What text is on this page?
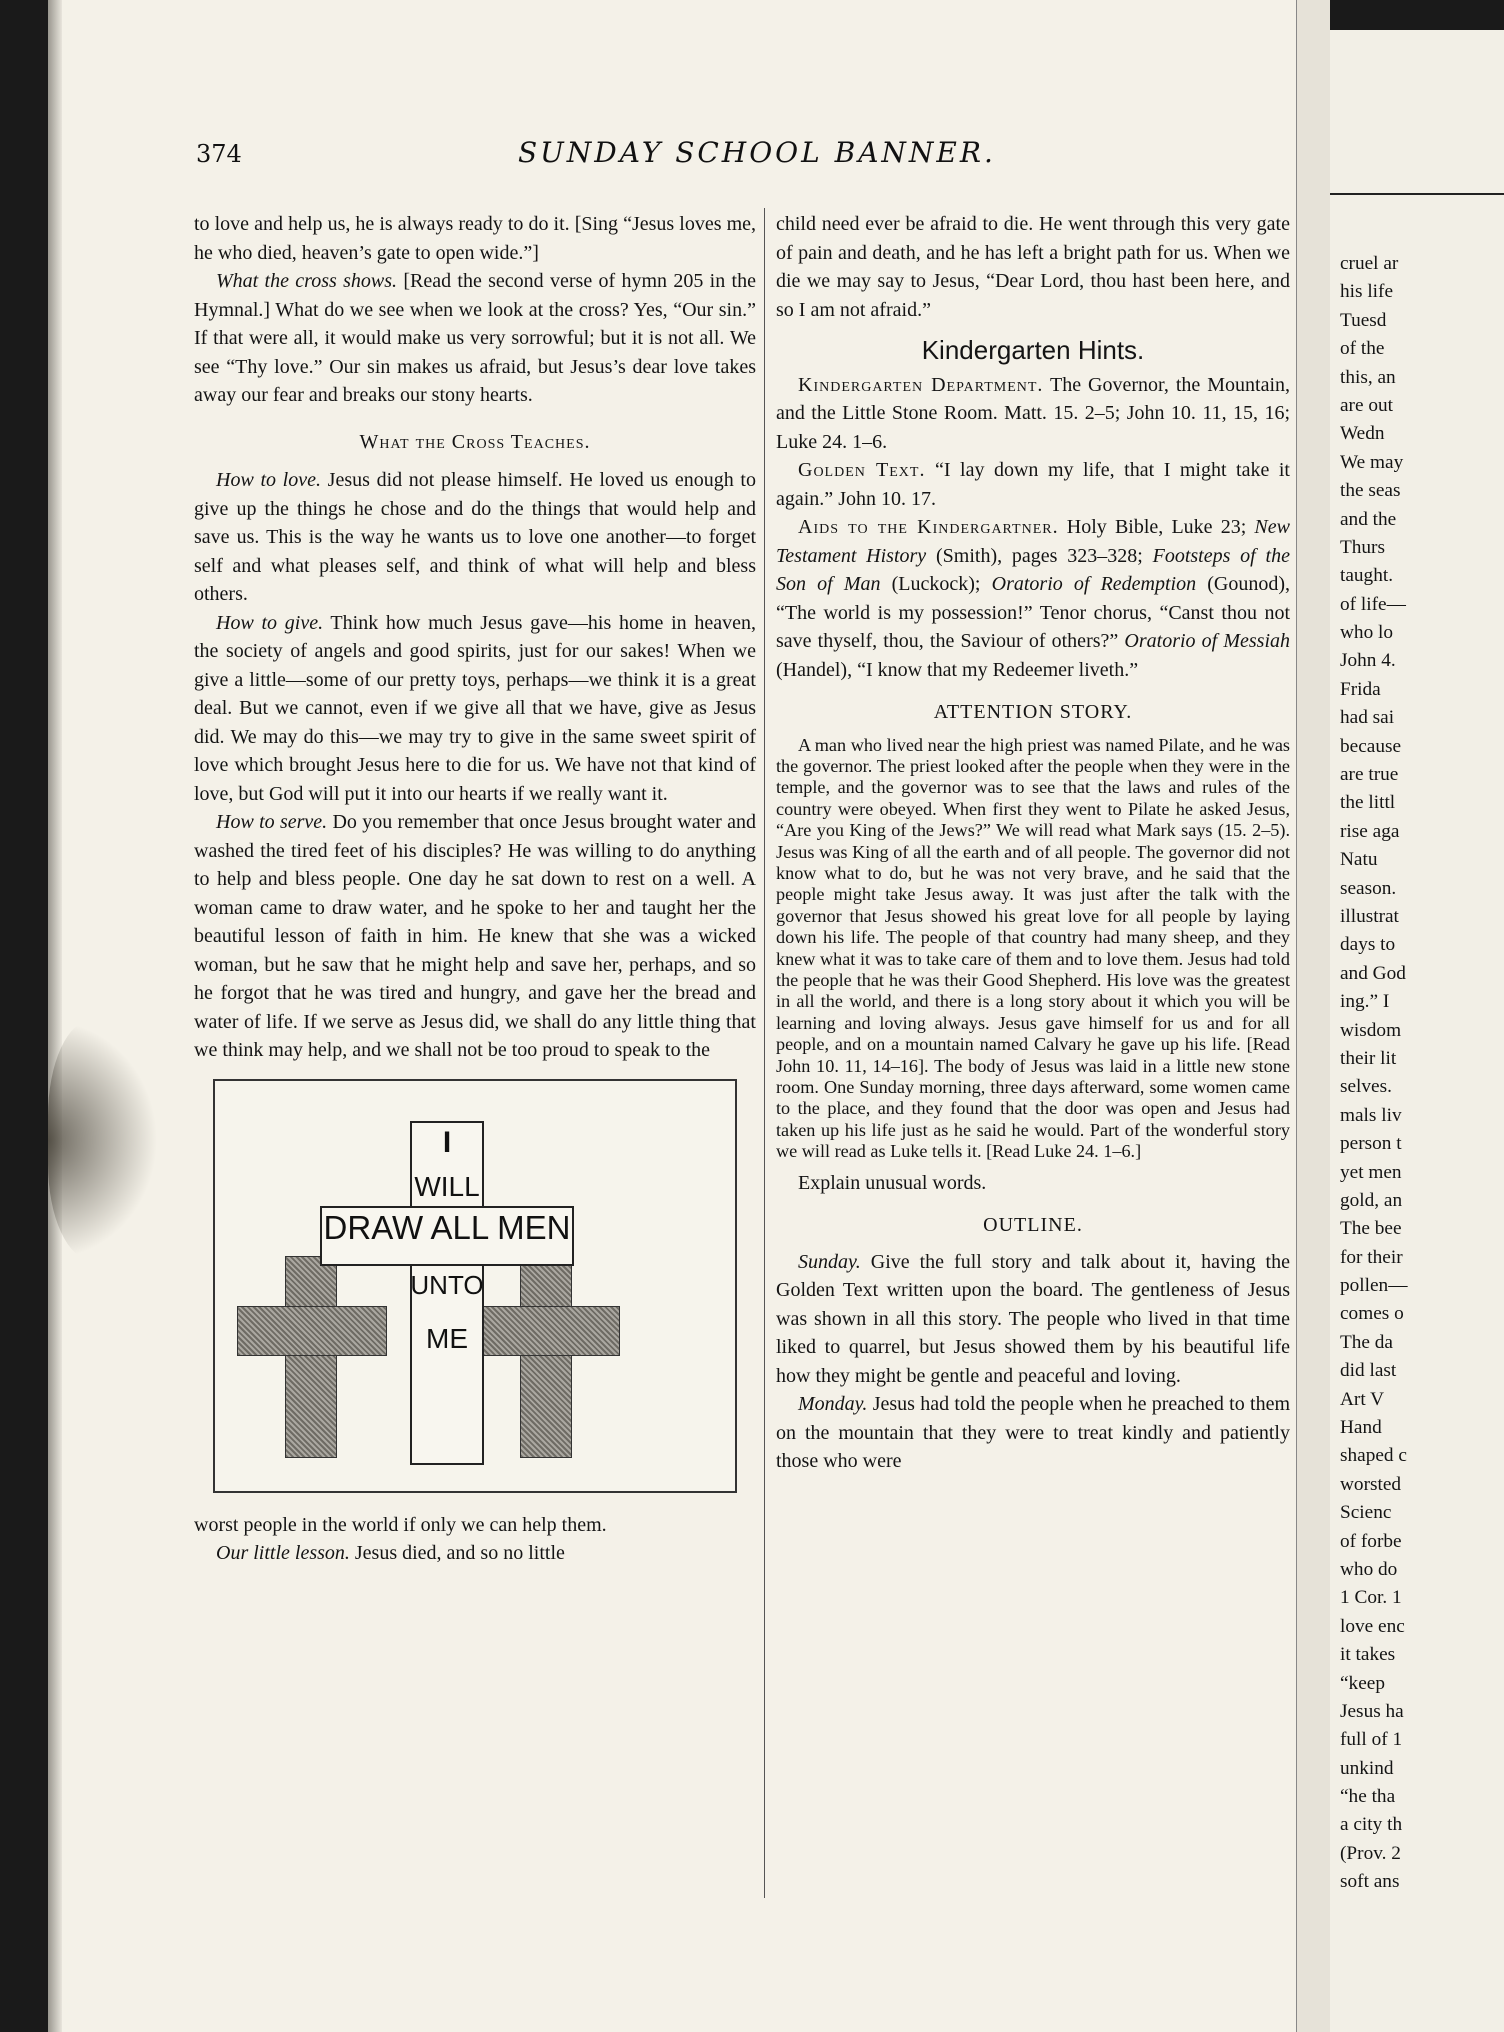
374	SUNDAY SCHOOL BANNER.

to love and help us, he is always ready to do it. [Sing “Jesus loves me, he who died, heaven’s gate to open wide.”]

What the cross shows. [Read the second verse of hymn 205 in the Hymnal.] What do we see when we look at the cross? Yes, “Our sin.” If that were all, it would make us very sorrowful; but it is not all. We see “Thy love.” Our sin makes us afraid, but Jesus’s dear love takes away our fear and breaks our stony hearts.

What the Cross Teaches.

How to love. Jesus did not please himself. He loved us enough to give up the things he chose and do the things that would help and save us. This is the way he wants us to love one another—to forget self and what pleases self, and think of what will help and bless others.

How to give. Think how much Jesus gave—his home in heaven, the society of angels and good spirits, just for our sakes! When we give a little—some of our pretty toys, perhaps—we think it is a great deal. But we cannot, even if we give all that we have, give as Jesus did. We may do this—we may try to give in the same sweet spirit of love which brought Jesus here to die for us. We have not that kind of love, but God will put it into our hearts if we really want it.

How to serve. Do you remember that once Jesus brought water and washed the tired feet of his disciples? He was willing to do anything to help and bless people. One day he sat down to rest on a well. A woman came to draw water, and he spoke to her and taught her the beautiful lesson of faith in him. He knew that she was a wicked woman, but he saw that he might help and save her, perhaps, and so he forgot that he was tired and hungry, and gave her the bread and water of life. If we serve as Jesus did, we shall do any little thing that we think may help, and we shall not be too proud to speak to the

I
WILL
DRAW ALL MEN
UNTO
ME

worst people in the world if only we can help them.

Our little lesson. Jesus died, and so no little

child need ever be afraid to die. He went through this very gate of pain and death, and he has left a bright path for us. When we die we may say to Jesus, “Dear Lord, thou hast been here, and so I am not afraid.”

Kindergarten Hints.

Kindergarten Department. The Governor, the Mountain, and the Little Stone Room. Matt. 15. 2–5; John 10. 11, 15, 16; Luke 24. 1–6.

Golden Text. “I lay down my life, that I might take it again.” John 10. 17.

Aids to the Kindergartner. Holy Bible, Luke 23; New Testament History (Smith), pages 323–328; Footsteps of the Son of Man (Luckock); Oratorio of Redemption (Gounod), “The world is my possession!” Tenor chorus, “Canst thou not save thyself, thou, the Saviour of others?” Oratorio of Messiah (Handel), “I know that my Redeemer liveth.”

ATTENTION STORY.

A man who lived near the high priest was named Pilate, and he was the governor. The priest looked after the people when they were in the temple, and the governor was to see that the laws and rules of the country were obeyed. When first they went to Pilate he asked Jesus, “Are you King of the Jews?” We will read what Mark says (15. 2–5). Jesus was King of all the earth and of all people. The governor did not know what to do, but he was not very brave, and he said that the people might take Jesus away. It was just after the talk with the governor that Jesus showed his great love for all people by laying down his life. The people of that country had many sheep, and they knew what it was to take care of them and to love them. Jesus had told the people that he was their Good Shepherd. His love was the greatest in all the world, and there is a long story about it which you will be learning and loving always. Jesus gave himself for us and for all people, and on a mountain named Calvary he gave up his life. [Read John 10. 11, 14–16]. The body of Jesus was laid in a little new stone room. One Sunday morning, three days afterward, some women came to the place, and they found that the door was open and Jesus had taken up his life just as he said he would. Part of the wonderful story we will read as Luke tells it. [Read Luke 24. 1–6.]

Explain unusual words.

OUTLINE.

Sunday. Give the full story and talk about it, having the Golden Text written upon the board. The gentleness of Jesus was shown in all this story. The people who lived in that time liked to quarrel, but Jesus showed them by his beautiful life how they might be gentle and peaceful and loving.

Monday. Jesus had told the people when he preached to them on the mountain that they were to treat kindly and patiently those who were

cruel ar
his life
Tuesd
of the
this, an
are out
Wedn
We may
the seas
and the
Thurs
taught.
of life—
who lo
John 4.
Frida
had sai
because
are true
the littl
rise aga
Natu
season.
illustrat
days to
and God
ing.” I
wisdom
their lit
selves.
mals liv
person t
yet men
gold, an
The bee
for their
pollen—
comes o
The da
did last
Art V
Hand
shaped c
worsted
Scienc
of forbe
who do
1 Cor. 1
love enc
it takes
“keep
Jesus ha
full of 1
unkind
“he tha
a city th
(Prov. 2
soft ans
